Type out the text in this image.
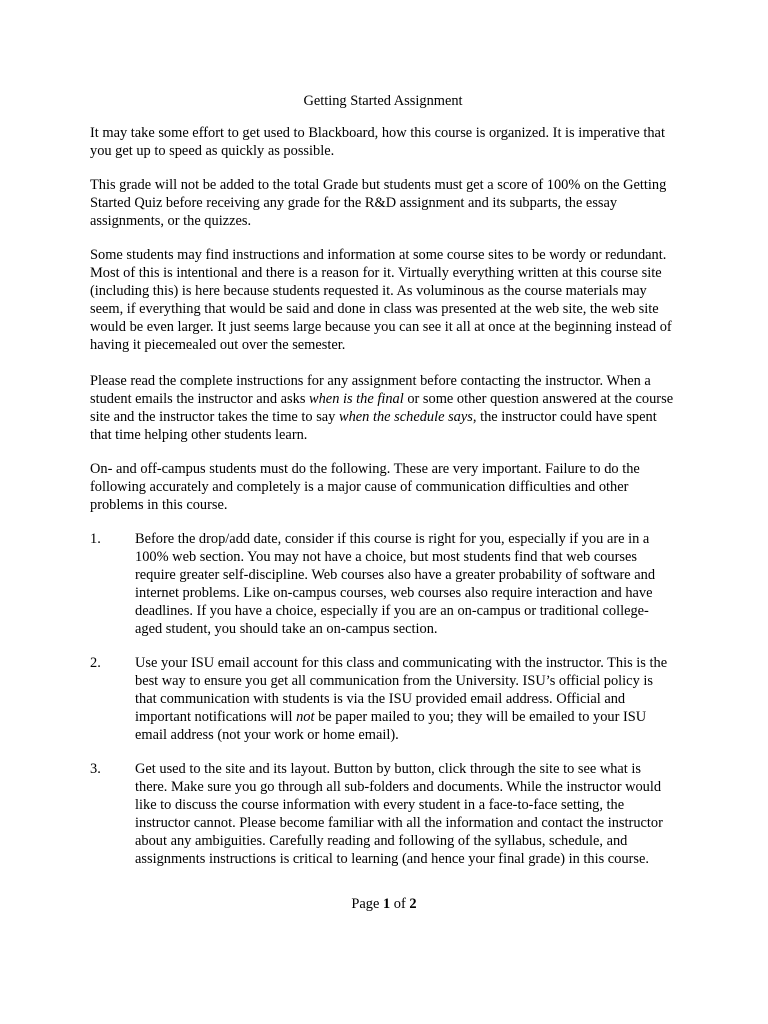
Getting Started Assignment

It may take some effort to get used to Blackboard, how this course is organized. It is imperative that you get up to speed as quickly as possible.

This grade will not be added to the total Grade but students must get a score of 100% on the Getting Started Quiz before receiving any grade for the R&D assignment and its subparts, the essay assignments, or the quizzes.

Some students may find instructions and information at some course sites to be wordy or redundant. Most of this is intentional and there is a reason for it. Virtually everything written at this course site (including this) is here because students requested it. As voluminous as the course materials may seem, if everything that would be said and done in class was presented at the web site, the web site would be even larger. It just seems large because you can see it all at once at the beginning instead of having it piecemealed out over the semester.

Please read the complete instructions for any assignment before contacting the instructor. When a student emails the instructor and asks when is the final or some other question answered at the course site and the instructor takes the time to say when the schedule says, the instructor could have spent that time helping other students learn.

On- and off-campus students must do the following. These are very important. Failure to do the following accurately and completely is a major cause of communication difficulties and other problems in this course.

1.	Before the drop/add date, consider if this course is right for you, especially if you are in a 100% web section. You may not have a choice, but most students find that web courses require greater self-discipline. Web courses also have a greater probability of software and internet problems. Like on-campus courses, web courses also require interaction and have deadlines. If you have a choice, especially if you are an on-campus or traditional college-aged student, you should take an on-campus section.
2.	Use your ISU email account for this class and communicating with the instructor. This is the best way to ensure you get all communication from the University. ISU’s official policy is that communication with students is via the ISU provided email address. Official and important notifications will not be paper mailed to you; they will be emailed to your ISU email address (not your work or home email).
3.	Get used to the site and its layout. Button by button, click through the site to see what is there. Make sure you go through all sub-folders and documents. While the instructor would like to discuss the course information with every student in a face-to-face setting, the instructor cannot. Please become familiar with all the information and contact the instructor about any ambiguities. Carefully reading and following of the syllabus, schedule, and assignments instructions is critical to learning (and hence your final grade) in this course.
Page 1 of 2
